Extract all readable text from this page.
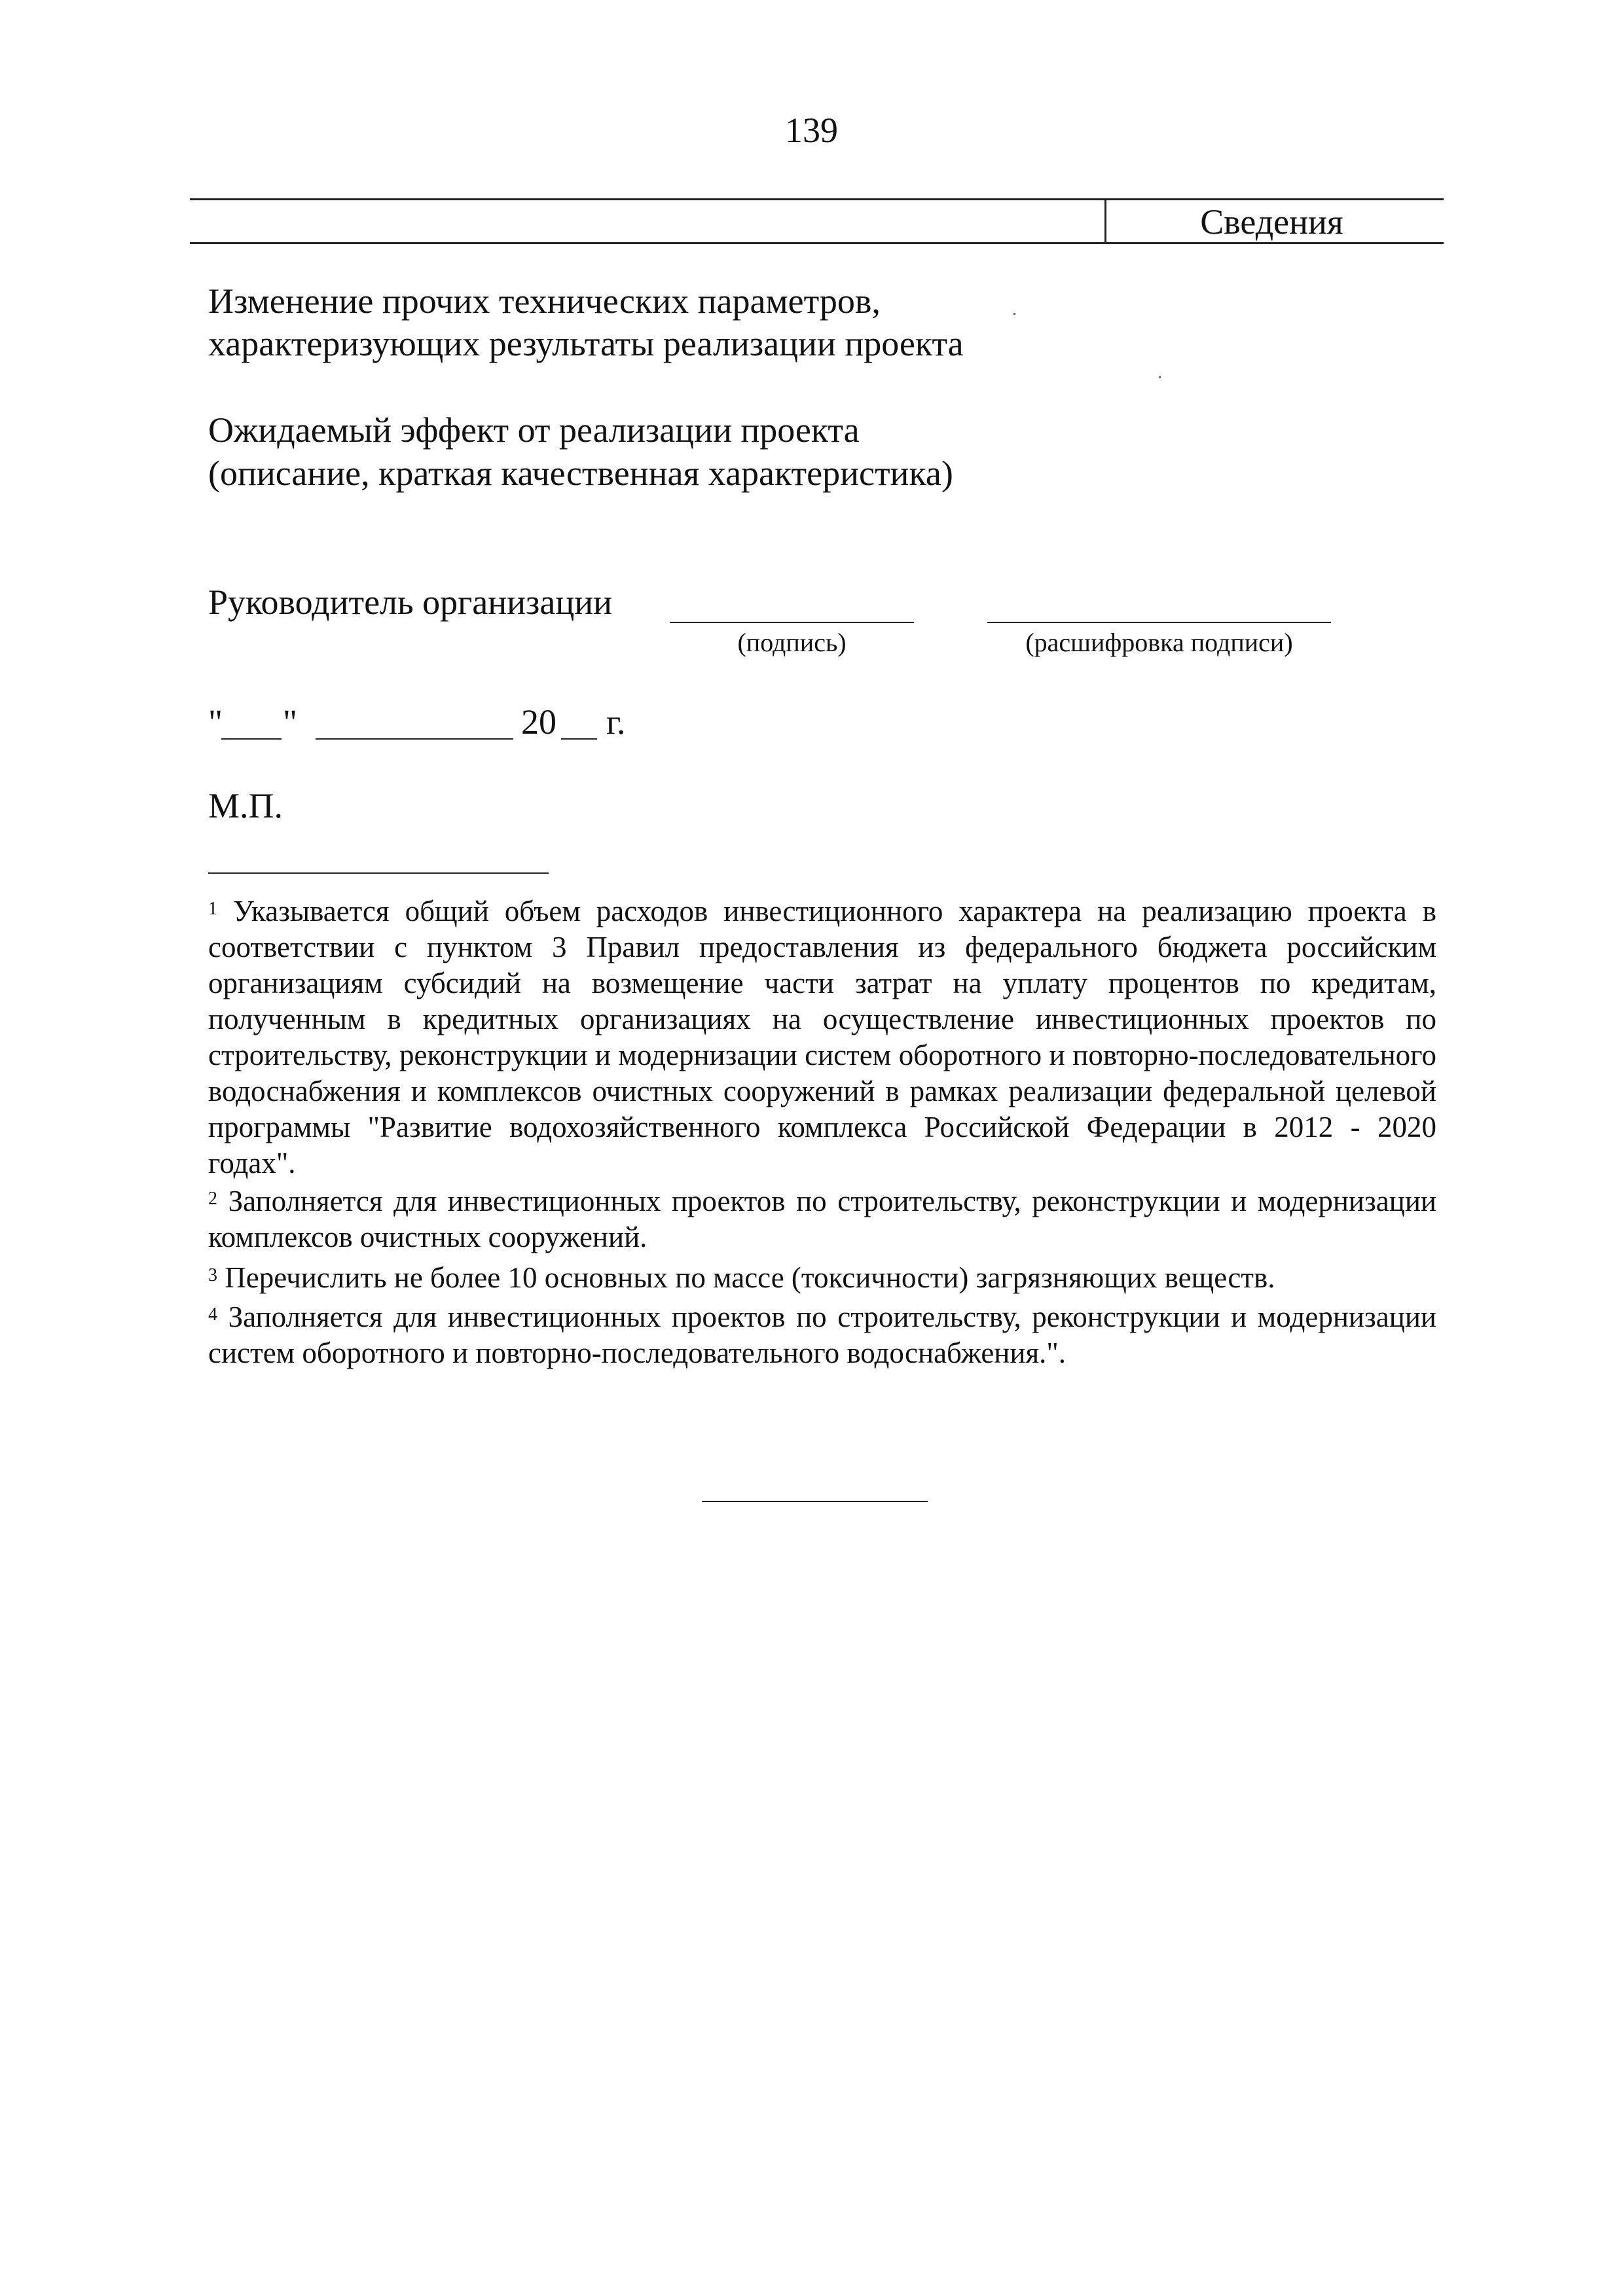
139
Сведения
Изменение прочих технических параметров,
характеризующих результаты реализации проекта
Ожидаемый эффект от реализации проекта
(описание, краткая качественная характеристика)
Руководитель организации
(подпись)	(расшифровка подписи)
" "	20 г.
М.П.
$^1$ Указывается общий объем расходов инвестиционного характера на реализацию проекта в соответствии с пунктом 3 Правил предоставления из федерального бюджета российским организациям субсидий на возмещение части затрат на уплату процентов по кредитам, полученным в кредитных организациях на осуществление инвестиционных проектов по строительству, реконструкции и модернизации систем оборотного и повторно-последовательного водоснабжения и комплексов очистных сооружений в рамках реализации федеральной целевой программы "Развитие водохозяйственного комплекса Российской Федерации в 2012 - 2020 годах".
$^2$ Заполняется для инвестиционных проектов по строительству, реконструкции и модернизации комплексов очистных сооружений.
$^3$ Перечислить не более 10 основных по массе (токсичности) загрязняющих веществ.
$^4$ Заполняется для инвестиционных проектов по строительству, реконструкции и модернизации систем оборотного и повторно-последовательного водоснабжения.".
